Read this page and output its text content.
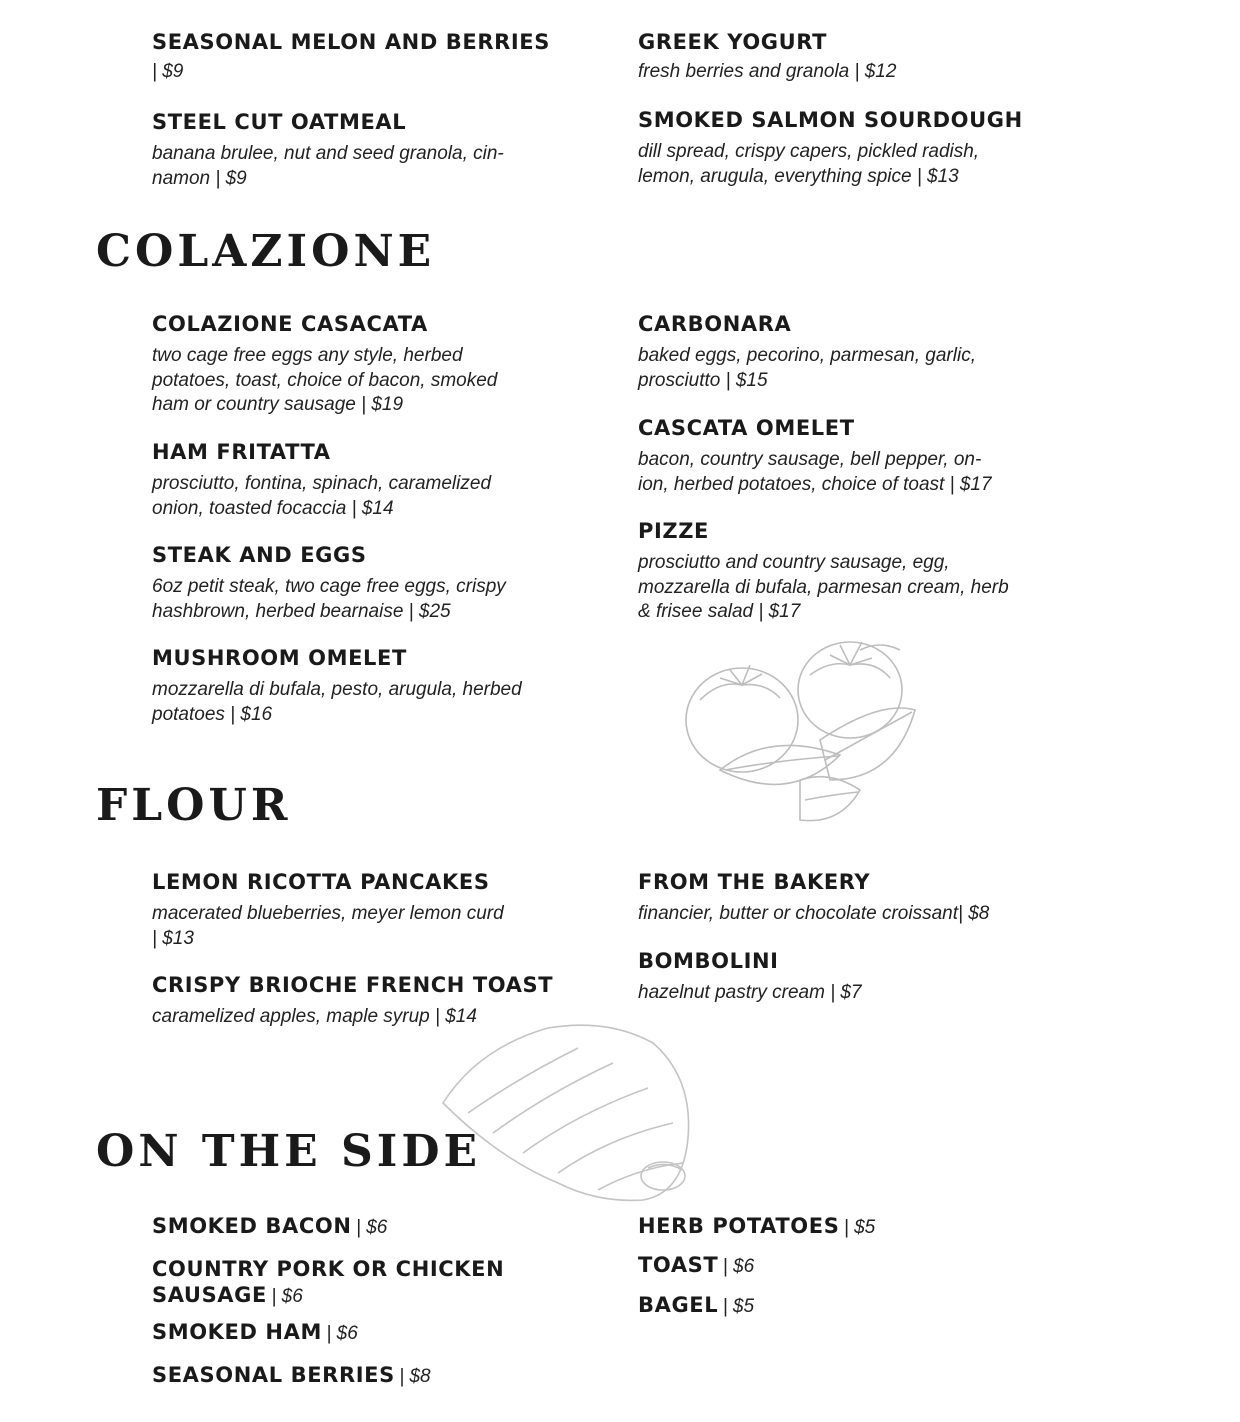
SEASONAL MELON AND BERRIES
| $9
STEEL CUT OATMEAL
banana brulee, nut and seed granola, cin-
namon | $9
GREEK YOGURT
fresh berries and granola | $12
SMOKED SALMON SOURDOUGH
dill spread, crispy capers, pickled radish,
lemon, arugula, everything spice | $13
COLAZIONE
COLAZIONE CASACATA
two cage free eggs any style, herbed
potatoes, toast, choice of bacon, smoked
ham or country sausage | $19
HAM FRITATTA
prosciutto, fontina, spinach, caramelized
onion, toasted focaccia | $14
STEAK AND EGGS
6oz petit steak, two cage free eggs, crispy
hashbrown, herbed bearnaise | $25
MUSHROOM OMELET
mozzarella di bufala, pesto, arugula, herbed
potatoes | $16
CARBONARA
baked eggs, pecorino, parmesan, garlic,
prosciutto | $15
CASCATA OMELET
bacon, country sausage, bell pepper, on-
ion, herbed potatoes, choice of toast | $17
PIZZE
prosciutto and country sausage, egg,
mozzarella di bufala, parmesan cream, herb
& frisee salad | $17
FLOUR
LEMON RICOTTA PANCAKES
macerated blueberries, meyer lemon curd
| $13
CRISPY BRIOCHE FRENCH TOAST
caramelized apples, maple syrup | $14
FROM THE BAKERY
financier, butter or chocolate croissant| $8
BOMBOLINI
hazelnut pastry cream | $7
ON THE SIDE
SMOKED BACON | $6
COUNTRY PORK OR CHICKEN
SAUSAGE | $6
SMOKED HAM | $6
SEASONAL BERRIES | $8
HERB POTATOES | $5
TOAST | $6
BAGEL | $5
